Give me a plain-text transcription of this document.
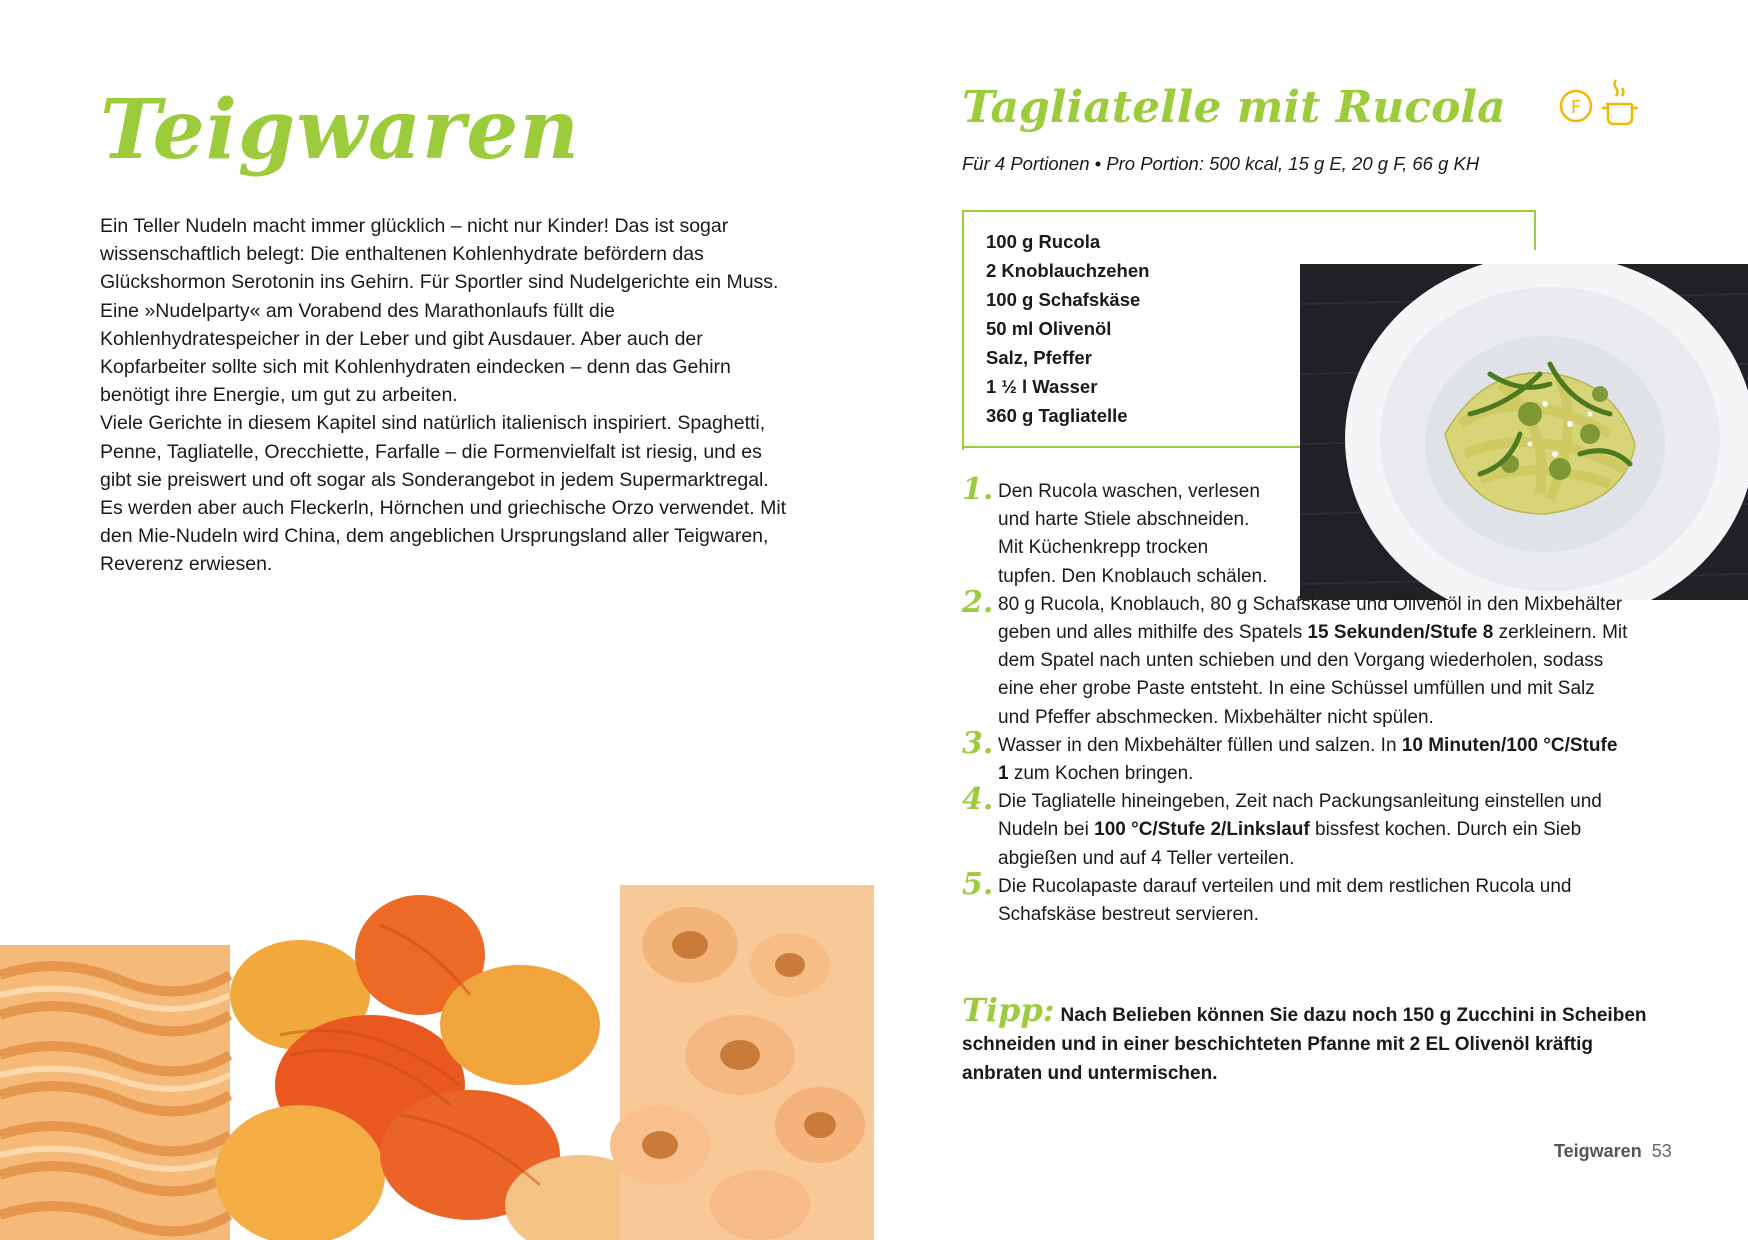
Teigwaren

Ein Teller Nudeln macht immer glücklich – nicht nur Kinder! Das ist sogar wissenschaftlich belegt: Die enthaltenen Kohlenhydrate befördern das Glückshormon Serotonin ins Gehirn. Für Sportler sind Nudelgerichte ein Muss. Eine »Nudelparty« am Vorabend des Marathonlaufs füllt die Kohlenhydratespeicher in der Leber und gibt Ausdauer. Aber auch der Kopfarbeiter sollte sich mit Kohlenhydraten eindecken – denn das Gehirn benötigt ihre Energie, um gut zu arbeiten.

Viele Gerichte in diesem Kapitel sind natürlich italienisch inspiriert. Spaghetti, Penne, Tagliatelle, Orecchiette, Farfalle – die Formenvielfalt ist riesig, und es gibt sie preiswert und oft sogar als Sonderangebot in jedem Supermarktregal.

Es werden aber auch Fleckerln, Hörnchen und griechische Orzo verwendet. Mit den Mie-Nudeln wird China, dem angeblichen Ursprungsland aller Teigwaren, Reverenz erwiesen.

Tagliatelle mit Rucola	F
Für 4 Portionen • Pro Portion: 500 kcal, 15 g E, 20 g F, 66 g KH
100 g Rucola
2 Knoblauchzehen
100 g Schafskäse
50 ml Olivenöl
Salz, Pfeffer
1 ½ l Wasser
360 g Tagliatelle
1. Den Rucola waschen, verlesen und harte Stiele abschneiden. Mit Küchenkrepp trocken tupfen. Den Knoblauch schälen.
2. 80 g Rucola, Knoblauch, 80 g Schafskäse und Olivenöl in den Mixbehälter geben und alles mithilfe des Spatels 15 Sekunden/Stufe 8 zerkleinern. Mit dem Spatel nach unten schieben und den Vorgang wiederholen, sodass eine eher grobe Paste entsteht. In eine Schüssel umfüllen und mit Salz und Pfeffer abschmecken. Mixbehälter nicht spülen.
3. Wasser in den Mixbehälter füllen und salzen. In 10 Minuten/100 °C/Stufe 1 zum Kochen bringen.
4. Die Tagliatelle hineingeben, Zeit nach Packungsanleitung einstellen und Nudeln bei 100 °C/Stufe 2/Linkslauf bissfest kochen. Durch ein Sieb abgießen und auf 4 Teller verteilen.
5. Die Rucolapaste darauf verteilen und mit dem restlichen Rucola und Schafskäse bestreut servieren.
Tipp: Nach Belieben können Sie dazu noch 150 g Zucchini in Scheiben schneiden und in einer beschichteten Pfanne mit 2 EL Olivenöl kräftig anbraten und untermischen.
Teigwaren 53
